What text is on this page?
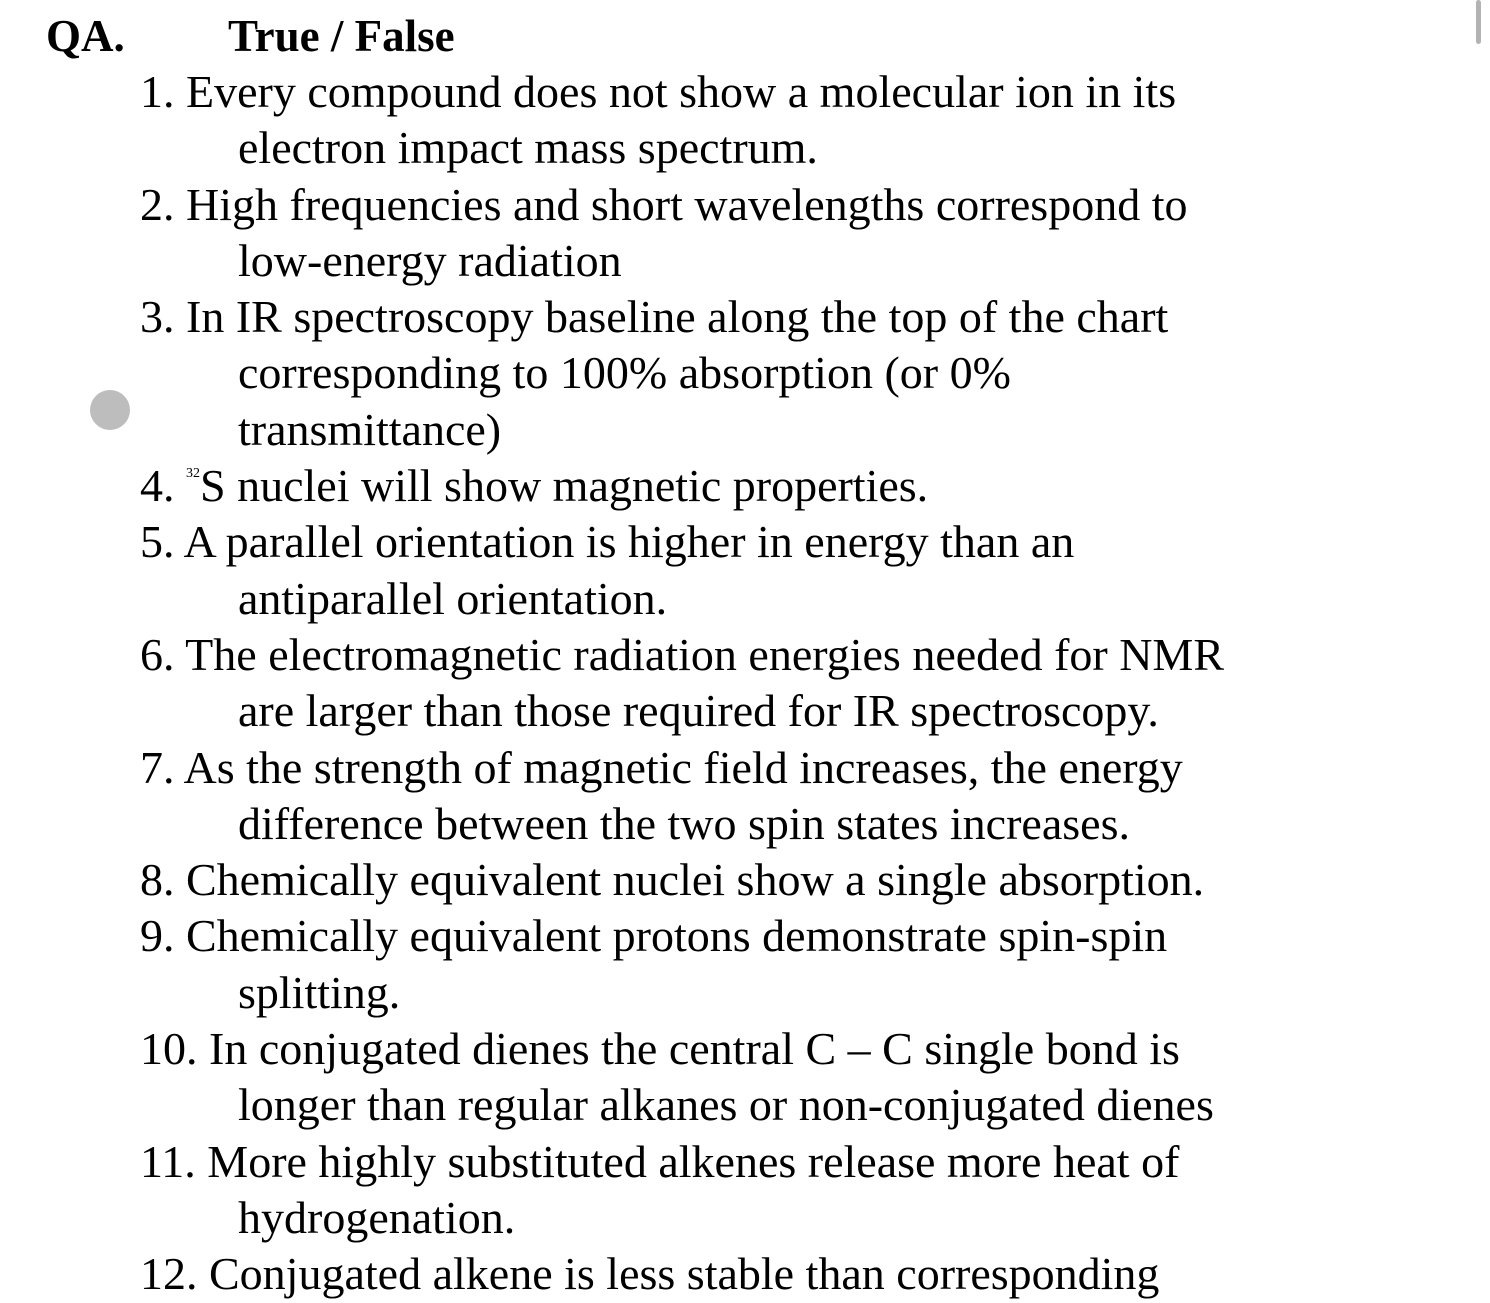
QA. True / False
1. Every compound does not show a molecular ion in its
electron impact mass spectrum.
2. High frequencies and short wavelengths correspond to
low-energy radiation
3. In IR spectroscopy baseline along the top of the chart
corresponding to 100% absorption (or 0%
transmittance)
4. $^{32}$S nuclei will show magnetic properties.
5. A parallel orientation is higher in energy than an
antiparallel orientation.
6. The electromagnetic radiation energies needed for NMR
are larger than those required for IR spectroscopy.
7. As the strength of magnetic field increases, the energy
difference between the two spin states increases.
8. Chemically equivalent nuclei show a single absorption.
9. Chemically equivalent protons demonstrate spin-spin
splitting.
10. In conjugated dienes the central C – C single bond is
longer than regular alkanes or non-conjugated dienes
11. More highly substituted alkenes release more heat of
hydrogenation.
12. Conjugated alkene is less stable than corresponding
